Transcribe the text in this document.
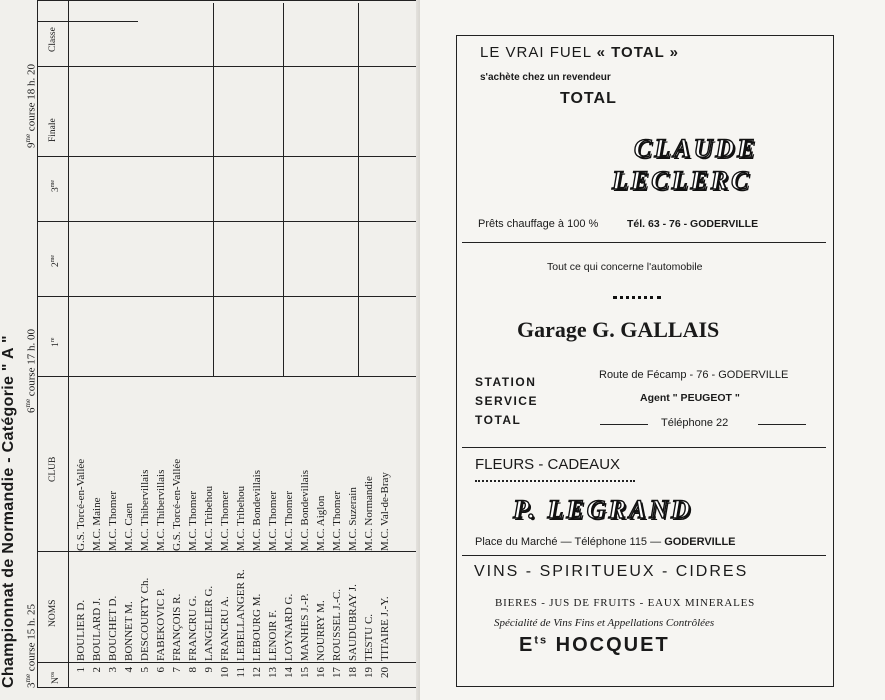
Championnat de Normandie - Catégorie " A " $3^{me}$ course 15 h. 25
$6^{me}$ course 17 h. 00
$9^{me}$ course 18 h. 20
$N^{os}$
NOMS
CLUB
1re
$2^{me}$
$3^{me}$
Finale
Classe
1
BOULIER D.
G.S. Torcé-en-Vallée
2
BOULARD J.
M.C. Maine
3
BOUCHET D.
M.C. Thomer
4
BONNET M.
M.C. Caen
5
DESCOURTY Ch.
M.C. Thibervillais
6
FABEKOVIC P.
M.C. Thibervillais
7
FRANÇOIS R.
G.S. Torcé-en-Vallée
8
FRANCRU G.
M.C. Thomer
9
LANGELIER G.
M.C. Tribehou
10
FRANCRU A.
M.C. Thomer
11
LEBELLANGER R.
M.C. Tribehou
12
LEBOURG M.
M.C. Bondevillais
13
LENOIR F.
M.C. Thomer
14
LOYNARD G.
M.C. Thomer
15
MANHES J.-P.
M.C. Bondevillais
16
NOURRY M.
M.C. Aiglon
17
ROUSSEL J.-C.
M.C. Thomer
18
SAUDUBRAY J.
M.C. Suzerain
19
TESTU C.
M.C. Normandie
20
TITAIRE J.-Y.
M.C. Val-de-Bray
LE VRAI FUEL « TOTAL »
s'achète chez un revendeur
TOTAL
CLAUDE
LECLERC
Prêts chauffage à 100 %	Tél. 63 - 76 - GODERVILLE
Tout ce qui concerne l'automobile
Garage G. GALLAIS
STATION SERVICE TOTAL
Route de Fécamp - 76 - GODERVILLE
Agent " PEUGEOT "
Téléphone 22
FLEURS - CADEAUX
P. LEGRAND
Place du Marché — Téléphone 115 — GODERVILLE
VINS - SPIRITUEUX - CIDRES
BIERES - JUS DE FRUITS - EAUX MINERALES
Spécialité de Vins Fins et Appellations Contrôlées
$E^{ts}$ HOCQUET
